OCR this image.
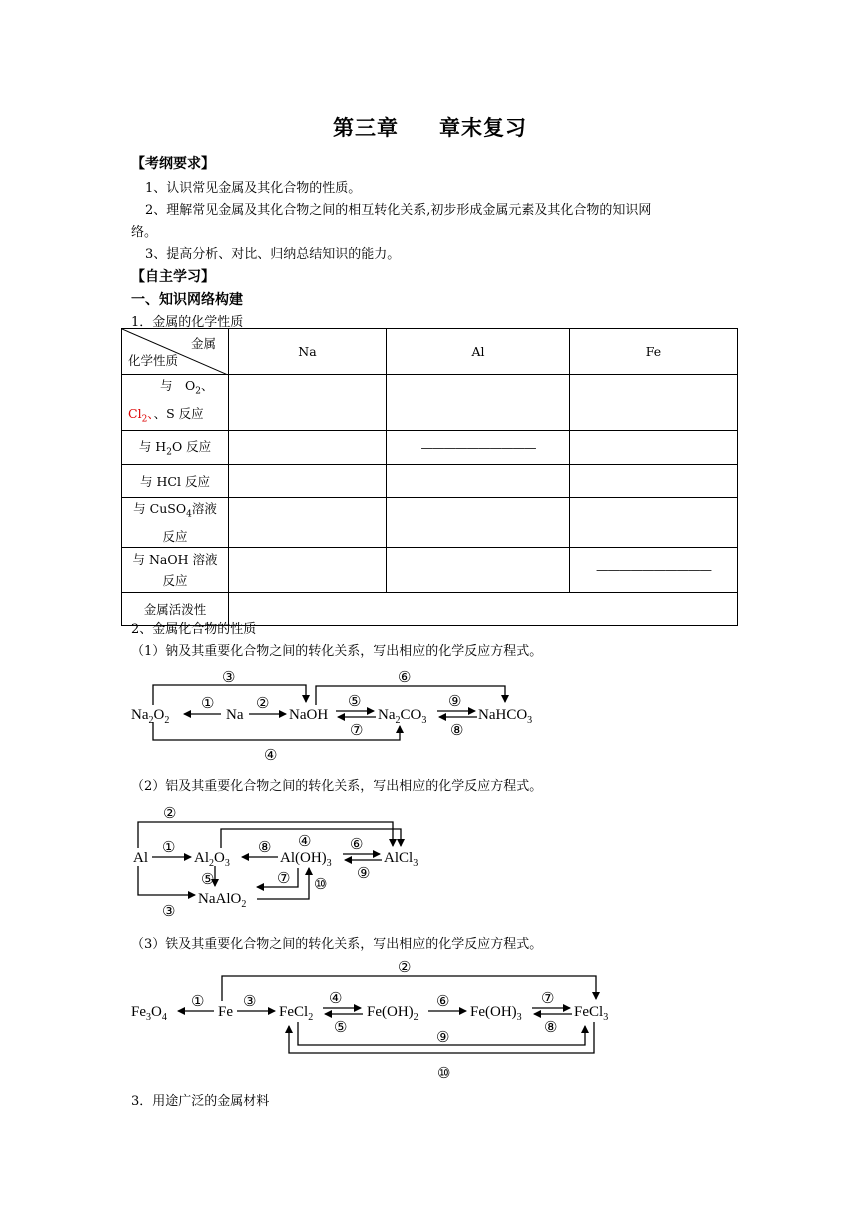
第三章 章末复习
【考纲要求】
1、认识常见金属及其化合物的性质。
2、理解常见金属及其化合物之间的相互转化关系,初步形成金属元素及其化合物的知识网
络。
3、提高分析、对比、归纳总结知识的能力。
【自主学习】
一、知识网络构建
1．金属的化学性质
金属
化学性质	Na	Al	Fe
与　$O_2$、
$Cl_2$、、S 反应			
与 $H_2O$ 反应		——————————	
与 HCl 反应			
与 CuSO$_4$溶液
反应			
与 NaOH 溶液
反应			——————————
金属活泼性			
2、金属化合物的性质
（1）钠及其重要化合物之间的转化关系，写出相应的化学反应方程式。
$Na_2O_2$	Na	NaOH	$Na_2CO_3$	NaHCO$_3$
①	②
③
④
⑤
⑦
⑥
⑨
⑧
Al	$Al_2O_3$	$Al(OH)_3$	AlCl$_3$
NaAlO$_2$
①
②
⑧ ④	⑥
⑨
⑤	⑦ ⑩
③
$Fe_3O_4$	Fe	FeCl$_2$	$Fe(OH)_2$	$Fe(OH)_3$	FeCl$_3$
①	③
②
④
⑤
⑥	⑦
⑧
⑨
⑩
（2）铝及其重要化合物之间的转化关系，写出相应的化学反应方程式。
（3）铁及其重要化合物之间的转化关系，写出相应的化学反应方程式。
3．用途广泛的金属材料
